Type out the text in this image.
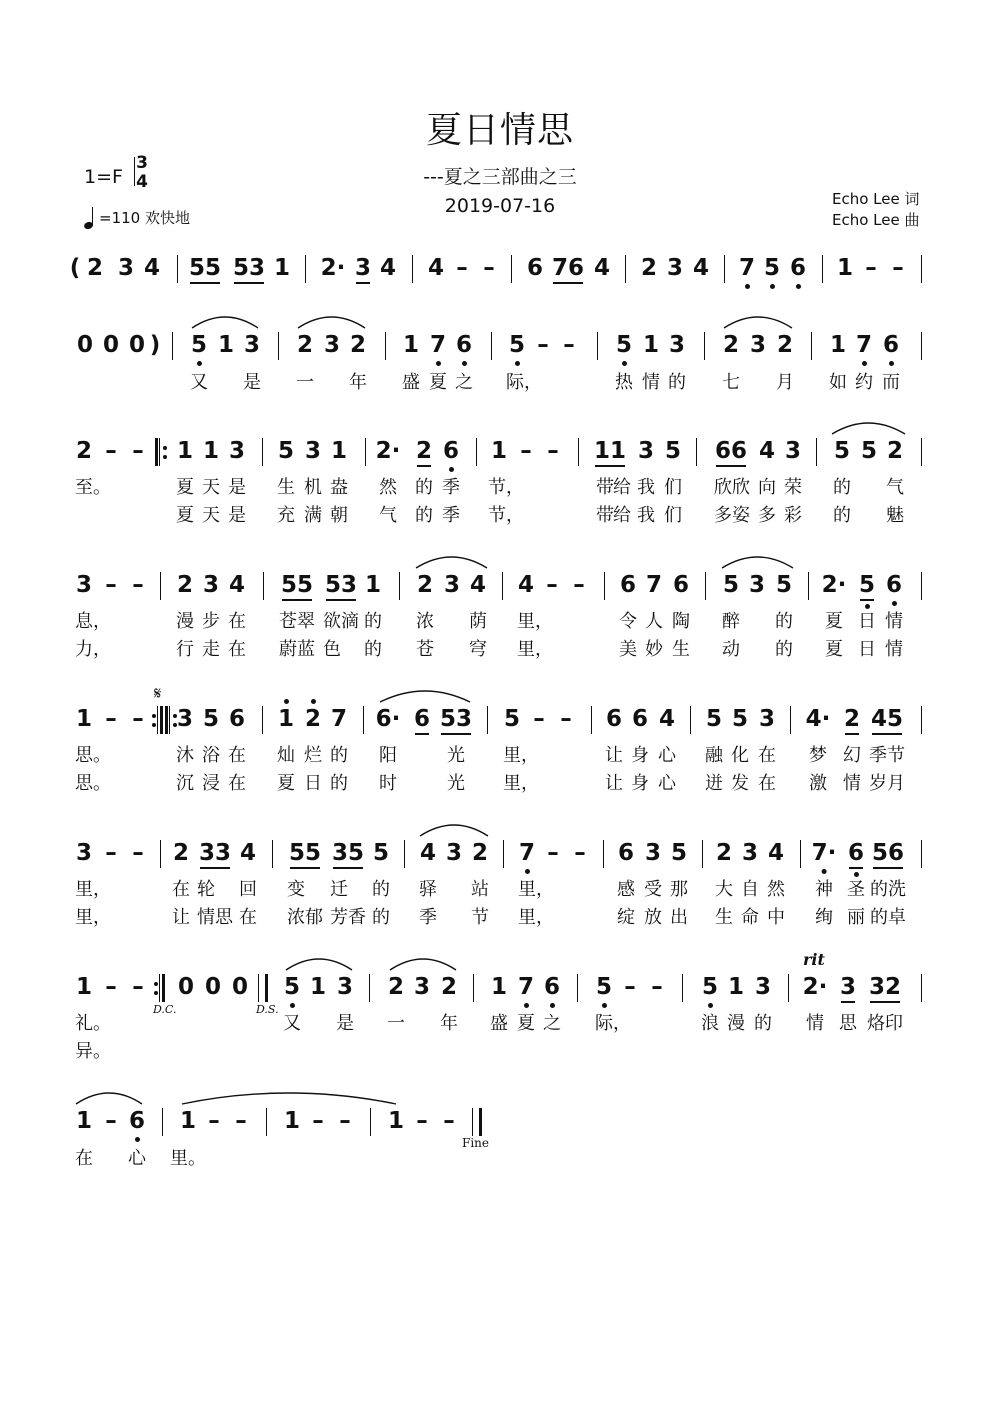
夏日情思
---夏之三部曲之三
2019-07-16
1=F
3
4
=110 欢快地
Echo Lee 词
Echo Lee 曲
( 2 3 4 55 53 1 2· 3 4 4 – – 6 76 4 2 3 4 7 5 6 1 – –
0 0 0 ) 5 1 3 2 3 2 1 7 6 5 – – 5 1 3 2 3 2 1 7 6
又 是 一 年 盛 夏 之 际，	热 情 的 七 月 如 约 而
2 – – 1 1 3 5 3 1 2· 2 6 1 – – 11 3 5 66 4 3 5 5 2
至。	夏 天 是 生 机 盎 然 的 季 节，	带 给 我 们 欣 欣 向 荣 的 气
夏 天 是 充 满 朝 气 的 季 节，	带 给 我 们 多 姿 多 彩 的 魅
3 – – 2 3 4 55 53 1 2 3 4 4 – – 6 7 6 5 3 5 2· 5 6
息，	漫 步 在 苍 翠 欲 滴 的 浓 荫 里，	令 人 陶 醉 的 夏 日 情
力，	行 走 在 蔚 蓝 色 的 苍 穹 里，	美 妙 生 动 的 夏 日 情
1 – – 3 5 6 1 2 7 6· 6 53 5 – – 6 6 4 5 5 3 4· 2 45
思。	沐 浴 在 灿 烂 的 阳	光 里，	让 身 心 融 化 在 梦 幻 季 节
思。	沉 浸 在 夏 日 的 时	光 里，	让 身 心 迸 发 在 激 情 岁 月
3 – – 2 33 4 55 35 5 4 3 2 7 – – 6 3 5 2 3 4 7· 6 56
里，	在 轮 回 变 迁 的 驿 站 里，	感 受 那 大 自 然 神 圣 的 洗
里，	让 情 思 在 浓 郁 芳 香 的 季 节 里，	绽 放 出 生 命 中 绚 丽 的 卓
1 – – 0 0 0 5 1 3 2 3 2 1 7 6 5 – – 5 1 3 2· 3 32
礼。	又 是 一 年 盛 夏 之 际，	浪 漫 的 情 思 烙 印
异。
1 – 6 1 – – 1 – – 1 – –
在 心 里。
𝄋
D.C.	D.S.
rit
Fine
